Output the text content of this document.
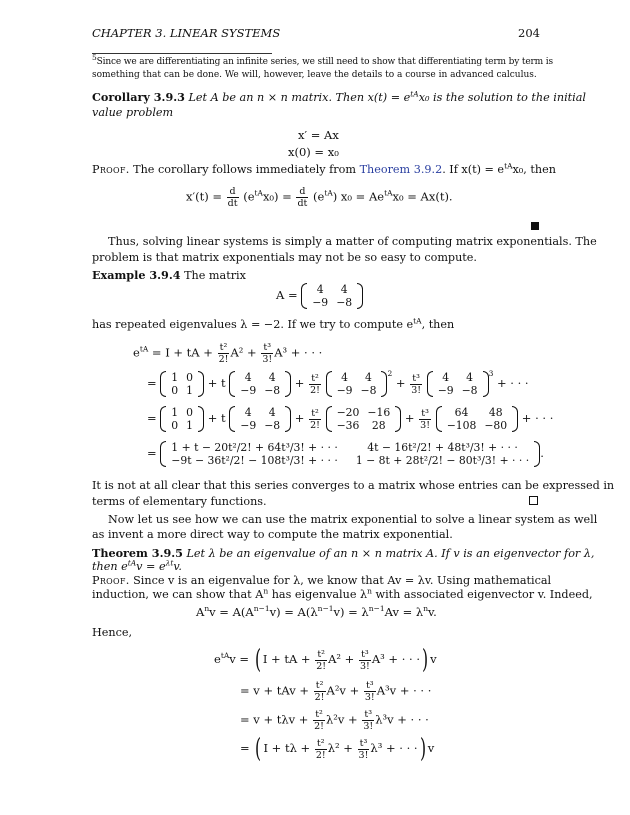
CHAPTER 3. LINEAR SYSTEMS	204
$^5$Since we are differentiating an infinite series, we still need to show that differentiating term by term is
something that can be done. We will, however, leave the details to a course in advanced calculus.
Corollary 3.9.3 Let A be an n × n matrix. Then $x(t) = e^{tA}x_0$ is the solution to the initial
value problem
x′ = Ax
x(0) = x₀
Proof. The corollary follows immediately from Theorem 3.9.2. If $x(t) = e^{tA}x_0$, then
$x'(t) = \frac{d}{dt} (e^{tA}x_0) = \frac{d}{dt} (e^{tA}) x_0 = Ae^{tA}x_0 = Ax(t)$.
Thus, solving linear systems is simply a matter of computing matrix exponentials. The
problem is that matrix exponentials may not be so easy to compute.
Example 3.9.4 The matrix
A = 4	4
−9	−8
has repeated eigenvalues λ = −2. If we try to compute $e^{tA}$, then
$e^{tA} = I$ + tA + $\frac{\text{t²}}{2!} A^2 + \frac{\text{t³}}{3!} A^3$ + · · ·
= 1	0
0	1
+ t 4	4
−9	−8
+ $\frac{\text{t²}}{2!}$
4	4
−9	−8
$^2 + \frac{\text{t³}}{3!}$
4	4
−9	−8
$^3$ + · · ·
= 1	0
0	1
+ t 4	4
−9	−8
+ $\frac{\text{t²}}{2!}$
−20	−16
−36	28
+ $\frac{\text{t³}}{3!}$
64	48
−108	−80
+ · · ·
= 1 + t − 20t²/2! + 64t³/3! + · · ·	4t − 16t²/2! + 48t³/3! + · · ·
−9t − 36t²/2! − 108t³/3! + · · ·	1 − 8t + 28t²/2! − 80t³/3! + · · ·
.
It is not at all clear that this series converges to a matrix whose entries can be expressed in
terms of elementary functions.
Now let us see how we can use the matrix exponential to solve a linear system as well
as invent a more direct way to compute the matrix exponential.
Theorem 3.9.5 Let λ be an eigenvalue of an n × n matrix A. If v is an eigenvector for λ,
then $e^{tA}v = e^{\lambda t}v$.
Proof. Since v is an eigenvalue for λ, we know that Av = λv. Using mathematical
induction, we can show that $A^n$ has eigenvalue $\lambda^n$ with associated eigenvector v. Indeed,
$A^nv = A(A^{n-1}v) = A(\lambda^{n-1}v) = \lambda^{n-1}Av = \lambda^nv$.
Hence,
$e^{tA}v$ = ( I + tA + $\frac{\text{t²}}{2!} A^2 + \frac{\text{t³}}{3!} A^3$ + · · ·) v
= v + tAv + $\frac{\text{t²}}{2!} A^2v + \frac{\text{t³}}{3!} A^3v$ + · · ·
= $v + t\lambda v + \frac{\text{t²}}{2!} \lambda^2v + \frac{\text{t³}}{3!} \lambda^3v$ + · · ·
= ( $I + t\lambda + \frac{\text{t²}}{2!} \lambda^2 + \frac{\text{t³}}{3!} \lambda^3$ + · · ·) v
